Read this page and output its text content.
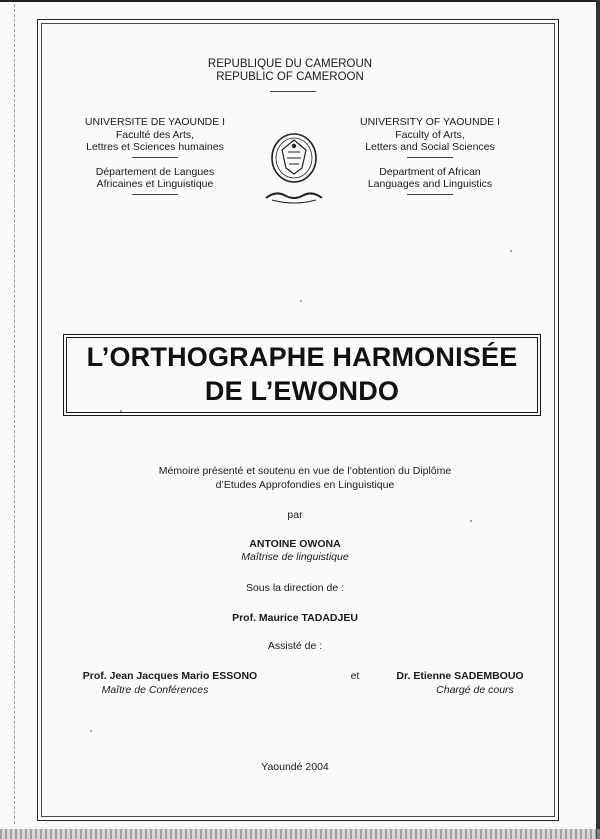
REPUBLIQUE DU CAMEROUN
REPUBLIC OF CAMEROON
UNIVERSITE DE YAOUNDE I
Faculté des Arts,
Lettres et Sciences humaines
Département de Langues
Africaines et Linguistique
UNIVERSITY OF YAOUNDE I
Faculty of Arts,
Letters and Social Sciences
Department of African
Languages and Linguistics
L’ORTHOGRAPHE HARMONISÉE
DE L’EWONDO
Mémoire présenté et soutenu en vue de l’obtention du Diplôme
d’Etudes Approfondies en Linguistique
par
ANTOINE OWONA
Maîtrise de linguistique
Sous la direction de :
Prof. Maurice TADADJEU
Assisté de :
Prof. Jean Jacques Mario ESSONO
Maître de Conférences
et	Dr. Etienne SADEMBOUO
Chargé de cours
Yaoundé 2004
